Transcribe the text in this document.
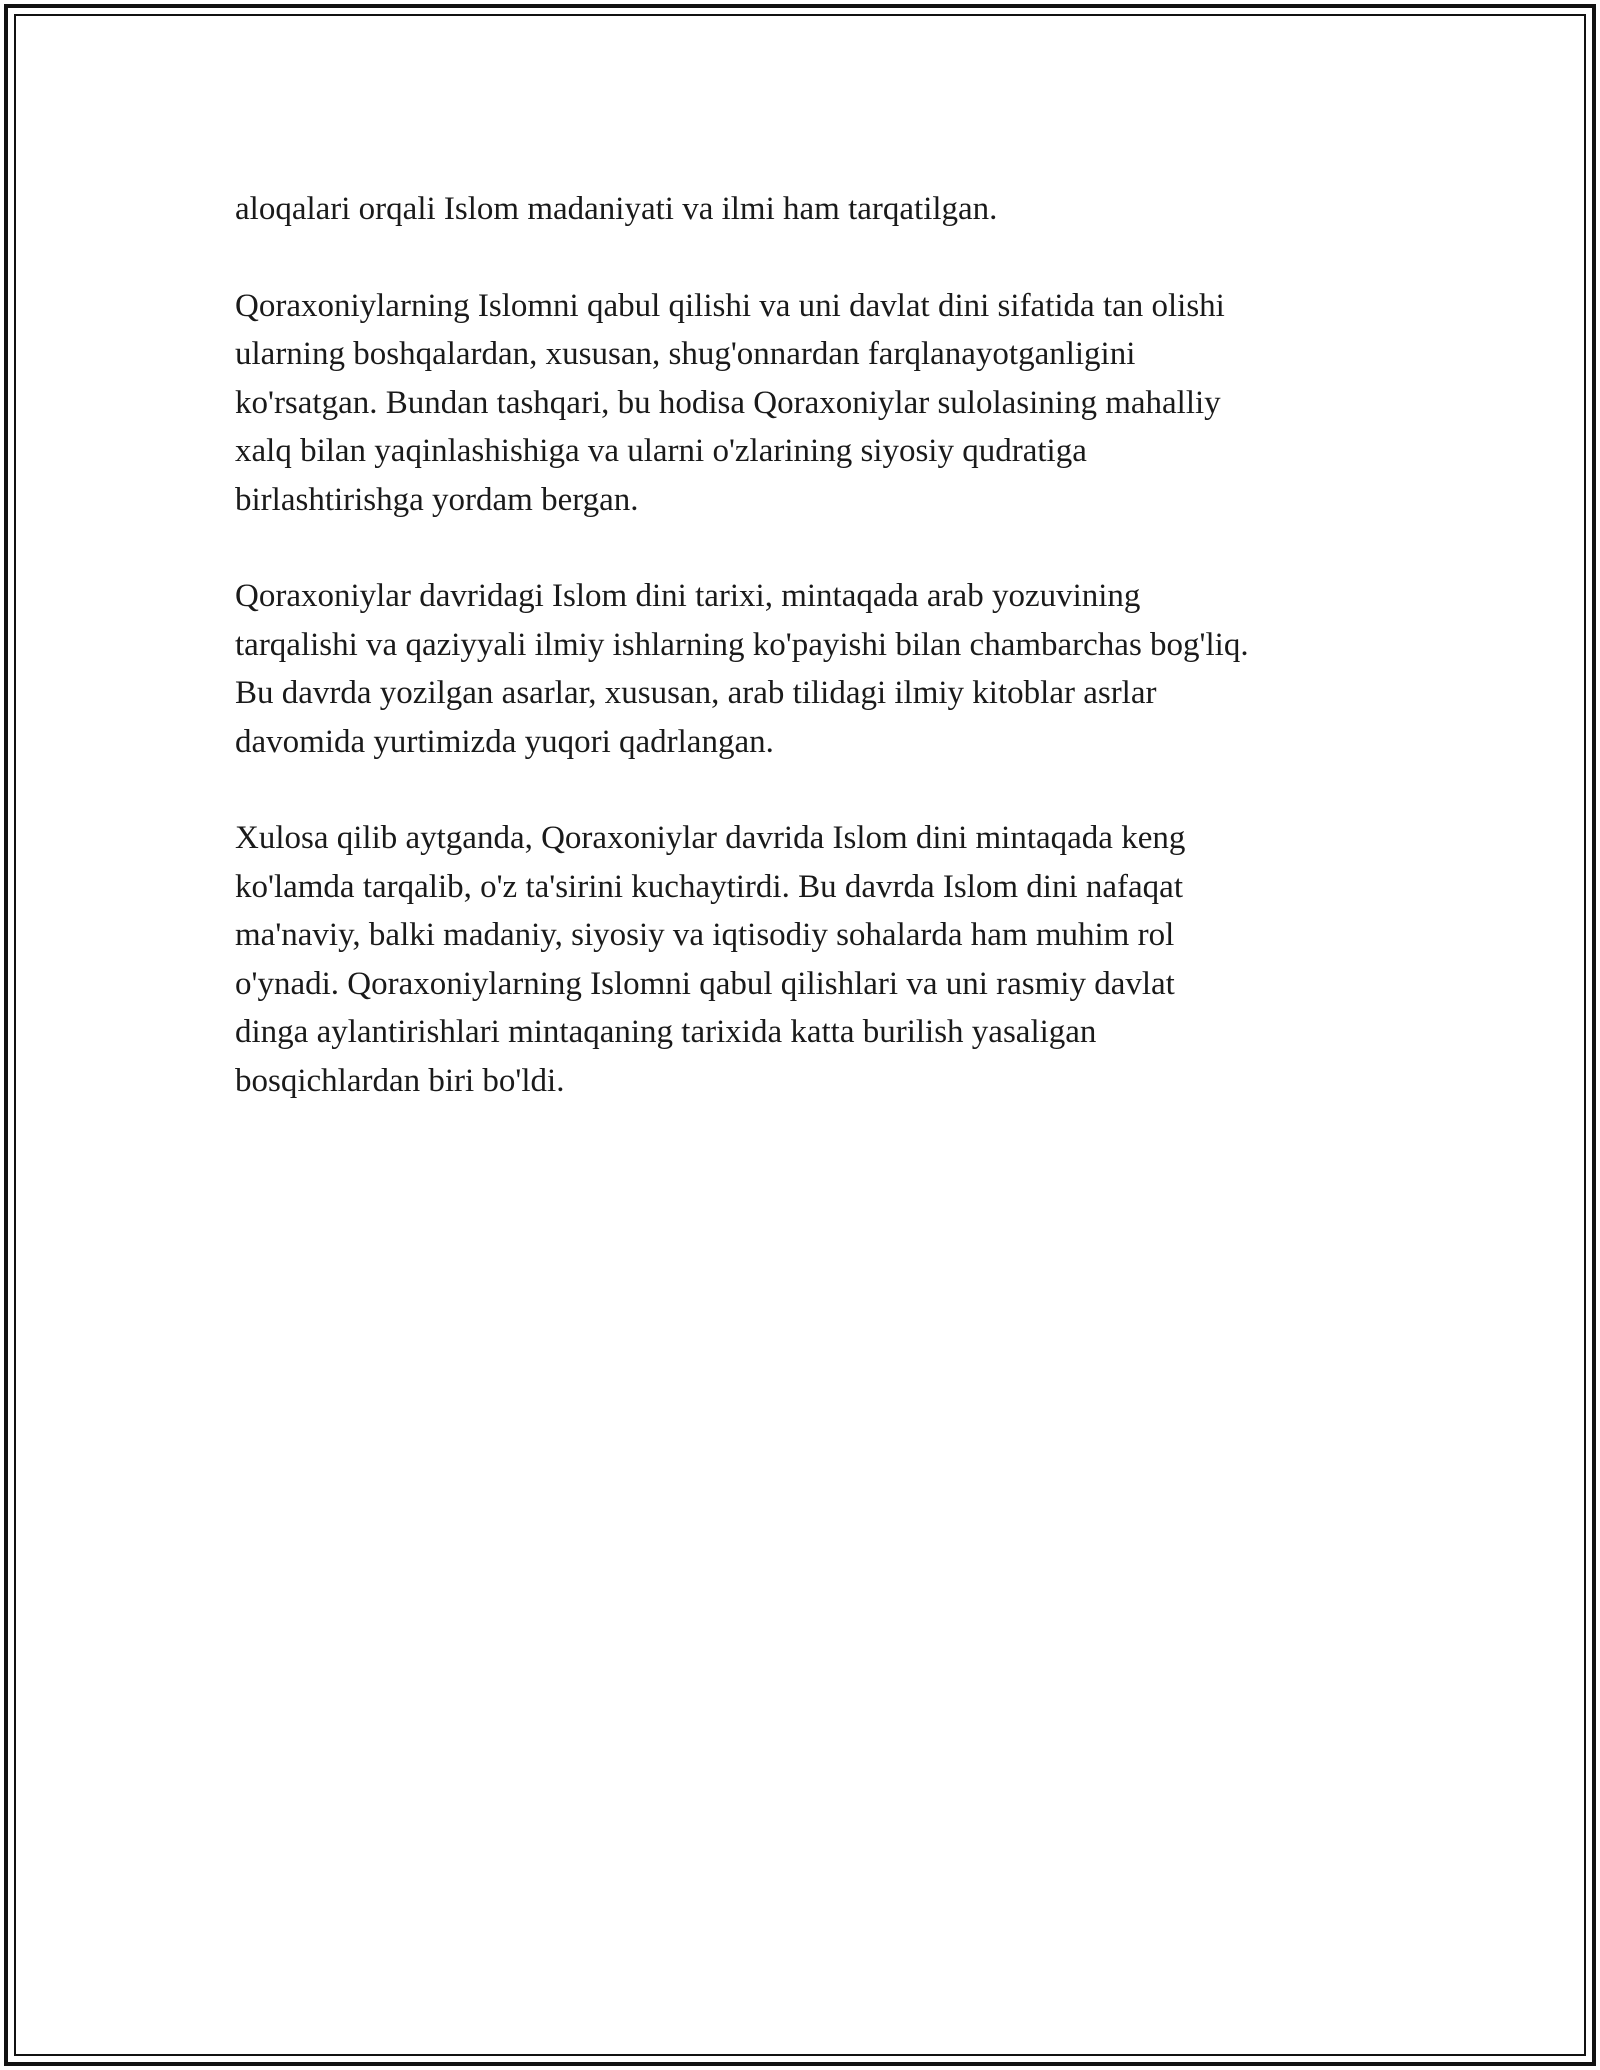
aloqalari orqali Islom madaniyati va ilmi ham tarqatilgan.

Qoraxoniylarning Islomni qabul qilishi va uni davlat dini sifatida tan olishi
ularning boshqalardan, xususan, shug'onnardan farqlanayotganligini
ko'rsatgan. Bundan tashqari, bu hodisa Qoraxoniylar sulolasining mahalliy
xalq bilan yaqinlashishiga va ularni o'zlarining siyosiy qudratiga
birlashtirishga yordam bergan.

Qoraxoniylar davridagi Islom dini tarixi, mintaqada arab yozuvining
tarqalishi va qaziyyali ilmiy ishlarning ko'payishi bilan chambarchas bog'liq.
Bu davrda yozilgan asarlar, xususan, arab tilidagi ilmiy kitoblar asrlar
davomida yurtimizda yuqori qadrlangan.

Xulosa qilib aytganda, Qoraxoniylar davrida Islom dini mintaqada keng
ko'lamda tarqalib, o'z ta'sirini kuchaytirdi. Bu davrda Islom dini nafaqat
ma'naviy, balki madaniy, siyosiy va iqtisodiy sohalarda ham muhim rol
o'ynadi. Qoraxoniylarning Islomni qabul qilishlari va uni rasmiy davlat
dinga aylantirishlari mintaqaning tarixida katta burilish yasaligan
bosqichlardan biri bo'ldi.
